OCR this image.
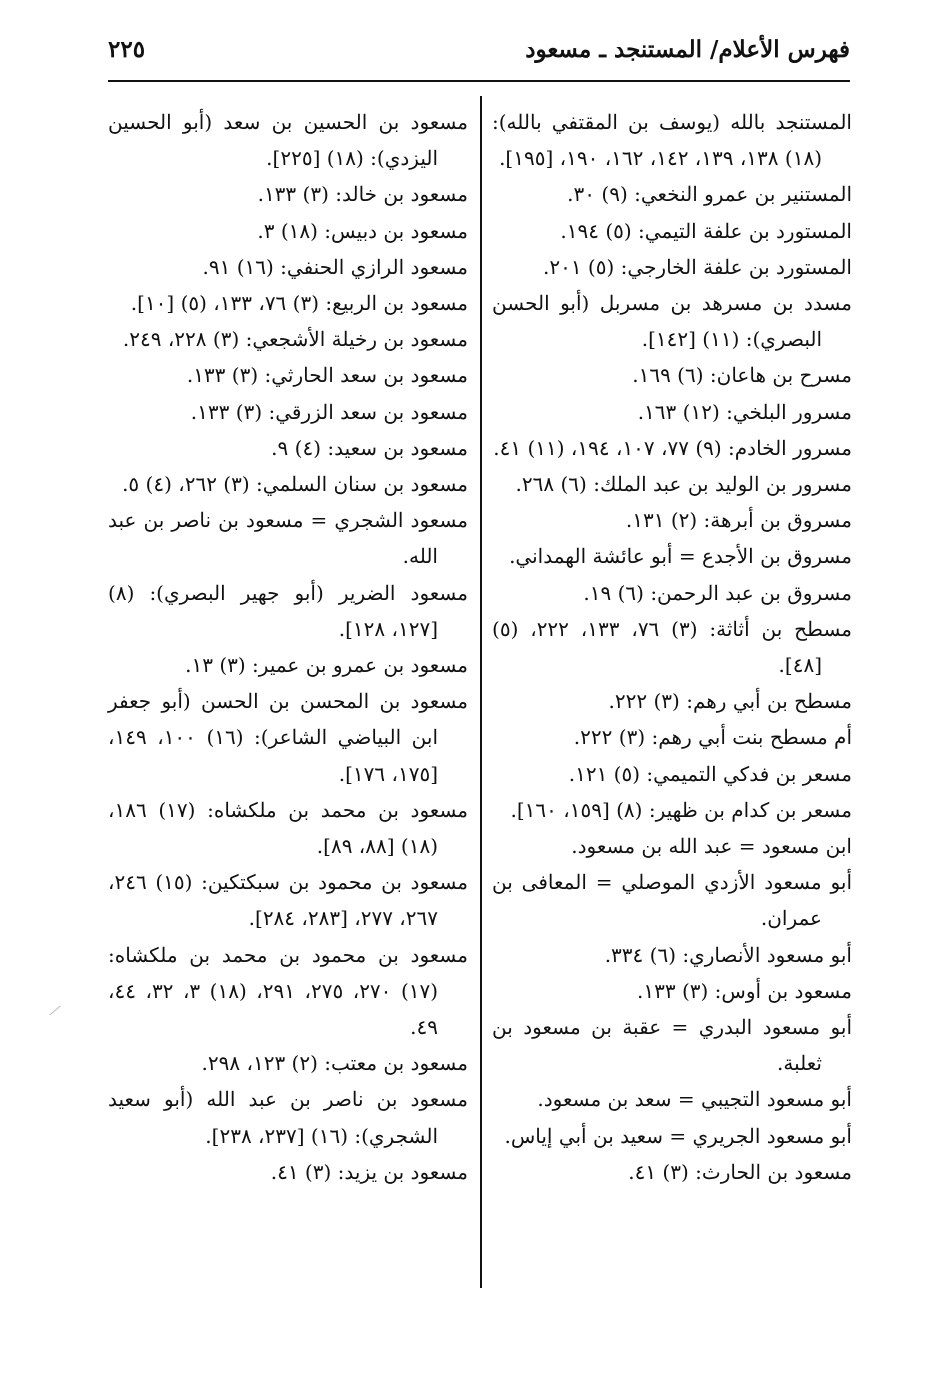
فهرس الأعلام/ المستنجد ـ مسعود
٢٢٥

المستنجد بالله (يوسف بن المقتفي بالله): (١٨) ١٣٨، ١٣٩، ١٤٢، ١٦٢، ١٩٠، [١٩٥].

المستنير بن عمرو النخعي: (٩) ٣٠.

المستورد بن علفة التيمي: (٥) ١٩٤.

المستورد بن علفة الخارجي: (٥) ٢٠١.

مسدد بن مسرهد بن مسربل (أبو الحسن البصري): (١١) [١٤٢].

مسرح بن هاعان: (٦) ١٦٩.

مسرور البلخي: (١٢) ١٦٣.

مسرور الخادم: (٩) ٧٧، ١٠٧، ١٩٤، (١١) ٤١.

مسرور بن الوليد بن عبد الملك: (٦) ٢٦٨.

مسروق بن أبرهة: (٢) ١٣١.

مسروق بن الأجدع = أبو عائشة الهمداني.

مسروق بن عبد الرحمن: (٦) ١٩.

مسطح بن أثاثة: (٣) ٧٦، ١٣٣، ٢٢٢، (٥) [٤٨].

مسطح بن أبي رهم: (٣) ٢٢٢.

أم مسطح بنت أبي رهم: (٣) ٢٢٢.

مسعر بن فدكي التميمي: (٥) ١٢١.

مسعر بن كدام بن ظهير: (٨) [١٥٩، ١٦٠].

ابن مسعود = عبد الله بن مسعود.

أبو مسعود الأزدي الموصلي = المعافى بن عمران.

أبو مسعود الأنصاري: (٦) ٣٣٤.

مسعود بن أوس: (٣) ١٣٣.

أبو مسعود البدري = عقبة بن مسعود بن ثعلبة.

أبو مسعود التجيبي = سعد بن مسعود.

أبو مسعود الجريري = سعيد بن أبي إياس.

مسعود بن الحارث: (٣) ٤١.

مسعود بن الحسين بن سعد (أبو الحسين اليزدي): (١٨) [٢٢٥].

مسعود بن خالد: (٣) ١٣٣.

مسعود بن دبيس: (١٨) ٣.

مسعود الرازي الحنفي: (١٦) ٩١.

مسعود بن الربيع: (٣) ٧٦، ١٣٣، (٥) [١٠].

مسعود بن رخيلة الأشجعي: (٣) ٢٢٨، ٢٤٩.

مسعود بن سعد الحارثي: (٣) ١٣٣.

مسعود بن سعد الزرقي: (٣) ١٣٣.

مسعود بن سعيد: (٤) ٩.

مسعود بن سنان السلمي: (٣) ٢٦٢، (٤) ٥.

مسعود الشجري = مسعود بن ناصر بن عبد الله.

مسعود الضرير (أبو جهير البصري): (٨) [١٢٧، ١٢٨].

مسعود بن عمرو بن عمير: (٣) ١٣.

مسعود بن المحسن بن الحسن (أبو جعفر ابن البياضي الشاعر): (١٦) ١٠٠، ١٤٩، [١٧٥، ١٧٦].

مسعود بن محمد بن ملكشاه: (١٧) ١٨٦، (١٨) [٨٨، ٨٩].

مسعود بن محمود بن سبكتكين: (١٥) ٢٤٦، ٢٦٧، ٢٧٧، [٢٨٣، ٢٨٤].

مسعود بن محمود بن محمد بن ملكشاه: (١٧) ٢٧٠، ٢٧٥، ٢٩١، (١٨) ٣، ٣٢، ٤٤، ٤٩.

مسعود بن معتب: (٢) ١٢٣، ٢٩٨.

مسعود بن ناصر بن عبد الله (أبو سعيد الشجري): (١٦) [٢٣٧، ٢٣٨].

مسعود بن يزيد: (٣) ٤١.
